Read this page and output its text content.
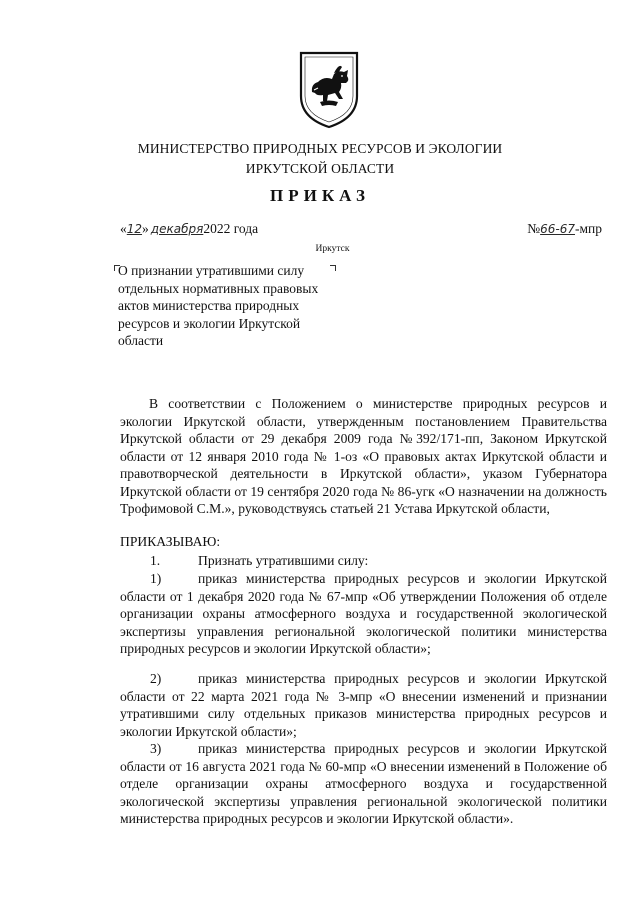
МИНИСТЕРСТВО ПРИРОДНЫХ РЕСУРСОВ И ЭКОЛОГИИ
ИРКУТСКОЙ ОБЛАСТИ
ПРИКАЗ
«12» декабря2022 года	№66-67-мпр
Иркутск
О признании утратившими силу
отдельных нормативных правовых
актов министерства природных
ресурсов и экологии Иркутской
области
В соответствии с Положением о министерстве природных ресурсов и экологии Иркутской области, утвержденным постановлением Правительства Иркутской области от 29 декабря 2009 года №392/171-пп, Законом Иркутской области от 12 января 2010 года № 1-оз «О правовых актах Иркутской области и правотворческой деятельности в Иркутской области», указом Губернатора Иркутской области от 19 сентября 2020 года № 86-угк «О назначении на должность Трофимовой С.М.», руководствуясь статьей 21 Устава Иркутской области,
ПРИКАЗЫВАЮ:
1.	Признать утратившими силу:
1)	приказ министерства природных ресурсов и экологии Иркутской области от 1 декабря 2020 года № 67-мпр «Об утверждении Положения об отделе организации охраны атмосферного воздуха и государственной экологической экспертизы управления региональной экологической политики министерства природных ресурсов и экологии Иркутской области»;
2)	приказ министерства природных ресурсов и экологии Иркутской области от 22 марта 2021 года № 3-мпр «О внесении изменений и признании утратившими силу отдельных приказов министерства природных ресурсов и экологии Иркутской области»;
3)	приказ министерства природных ресурсов и экологии Иркутской области от 16 августа 2021 года № 60-мпр «О внесении изменений в Положение об отделе организации охраны атмосферного воздуха и государственной экологической экспертизы управления региональной экологической политики министерства природных ресурсов и экологии Иркутской области».
